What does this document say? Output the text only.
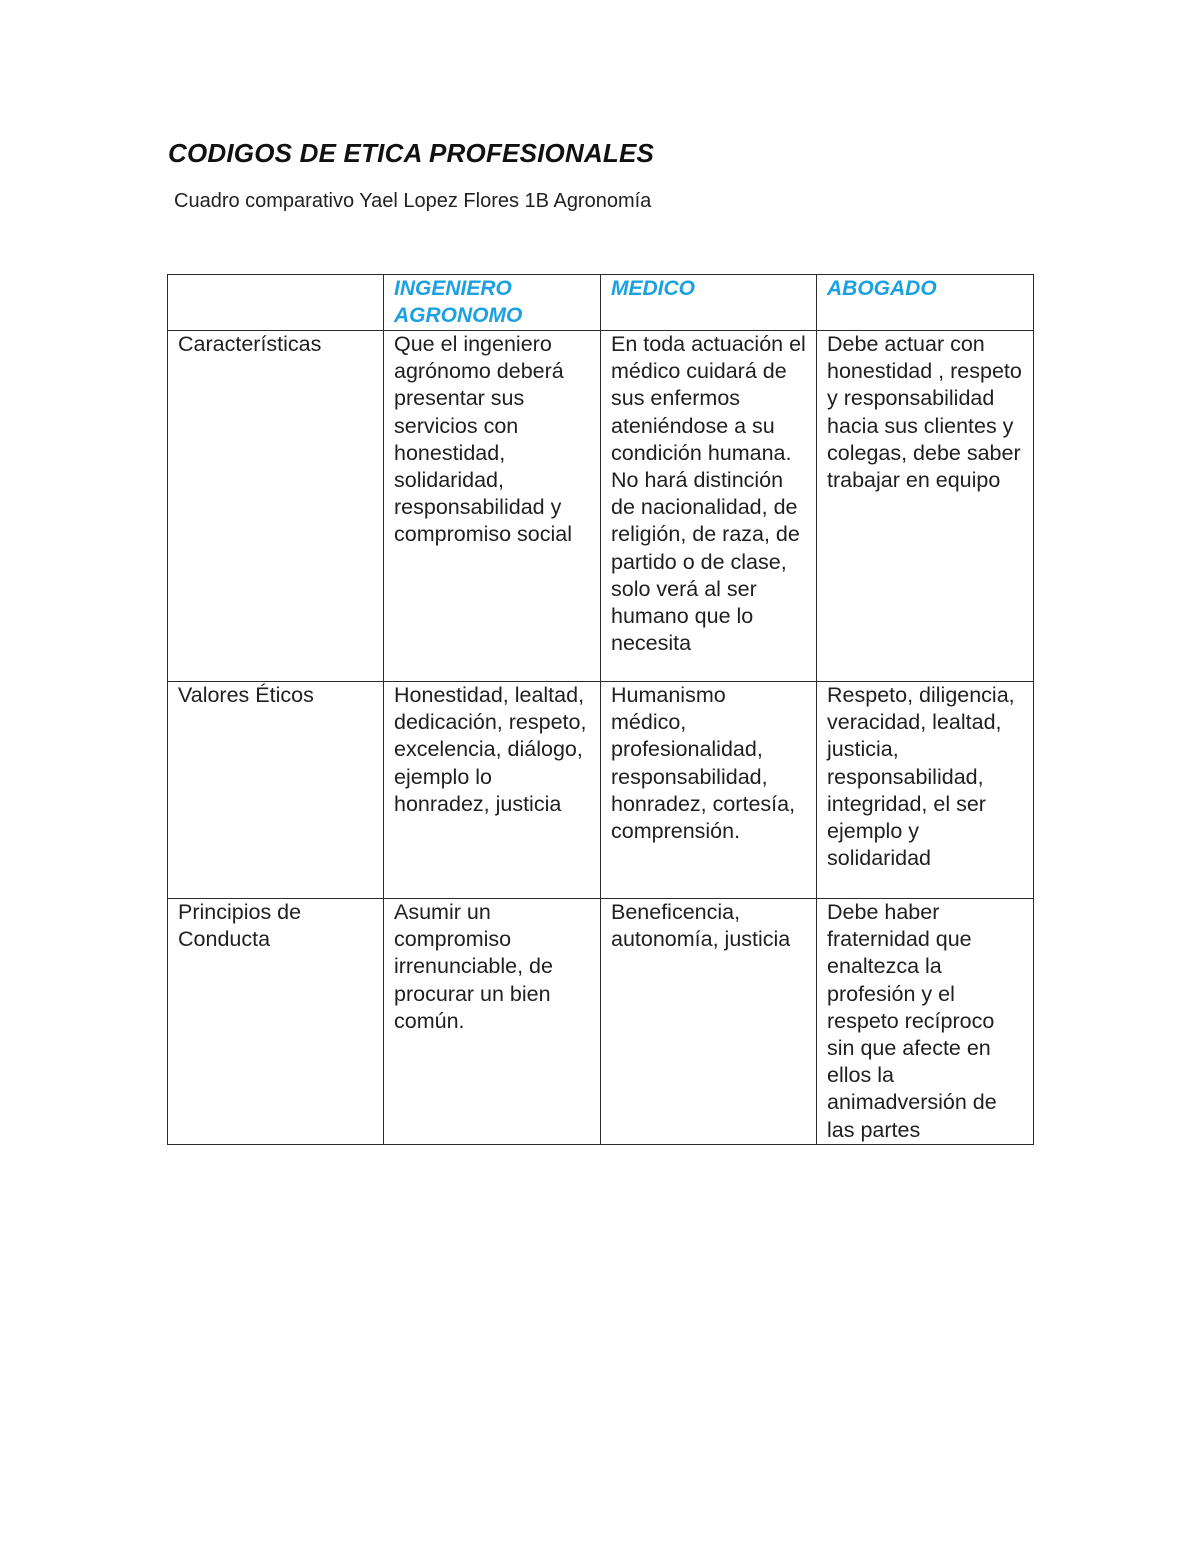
CODIGOS DE ETICA PROFESIONALES

Cuadro comparativo Yael Lopez Flores 1B Agronomía

	INGENIERO AGRONOMO	MEDICO	ABOGADO
Características	Que el ingeniero agrónomo deberá presentar sus servicios con honestidad, solidaridad, responsabilidad y compromiso social	En toda actuación el médico cuidará de sus enfermos ateniéndose a su condición humana. No hará distinción de nacionalidad, de religión, de raza, de partido o de clase, solo verá al ser humano que lo necesita	Debe actuar con honestidad , respeto y responsabilidad hacia sus clientes y colegas, debe saber trabajar en equipo
Valores Éticos	Honestidad, lealtad, dedicación, respeto, excelencia, diálogo, ejemplo lo honradez, justicia	Humanismo médico, profesionalidad, responsabilidad, honradez, cortesía, comprensión.	Respeto, diligencia, veracidad, lealtad, justicia, responsabilidad, integridad, el ser ejemplo y solidaridad
Principios de Conducta	Asumir un compromiso irrenunciable, de procurar un bien común.	Beneficencia, autonomía, justicia	Debe haber fraternidad que enaltezca la profesión y el respeto recíproco sin que afecte en ellos la animadversión de las partes
